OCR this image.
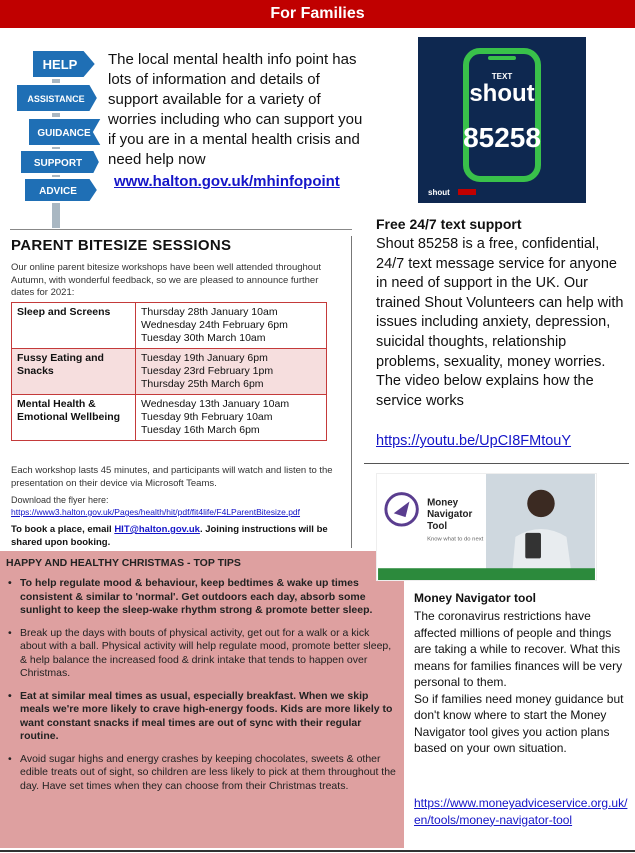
For Families
HELP
ASSISTANCE
GUIDANCE
SUPPORT
ADVICE
The local mental health info point has lots of information and details of support available for a variety of worries including who can support you if you are in a mental health crisis and need help now
www.halton.gov.uk/mhinfopoint
TEXT
shout
85258
shout
PARENT BITESIZE SESSIONS
Our online parent bitesize workshops have been well attended throughout Autumn, with wonderful feedback, so we are pleased to announce further dates for 2021:
Sleep and Screens	Thursday 28th January 10am
Wednesday 24th February 6pm
Tuesday 30th March 10am

Fussy Eating and Snacks	Tuesday 19th January 6pm
Tuesday 23rd February 1pm
Thursday 25th March 6pm

Mental Health & Emotional Wellbeing	Wednesday 13th January 10am
Tuesday 9th February 10am
Tuesday 16th March 6pm
Each workshop lasts 45 minutes, and participants will watch and listen to the presentation on their device via Microsoft Teams.
Download the flyer here:
https://www3.halton.gov.uk/Pages/health/hit/pdf/fit4life/F4LParentBitesize.pdf
To book a place, email HIT@halton.gov.uk. Joining instructions will be shared upon booking.
HAPPY AND HEALTHY CHRISTMAS - TOP TIPS
• To help regulate mood & behaviour, keep bedtimes & wake up times consistent & similar to 'normal'. Get outdoors each day, absorb some sunlight to keep the sleep-wake rhythm strong & promote better sleep.
• Break up the days with bouts of physical activity, get out for a walk or a kick about with a ball. Physical activity will help regulate mood, promote better sleep, & help balance the increased food & drink intake that tends to happen over Christmas.
• Eat at similar meal times as usual, especially breakfast. When we skip meals we're more likely to crave high-energy foods. Kids are more likely to want constant snacks if meal times are out of sync with their regular routine.
• Avoid sugar highs and energy crashes by keeping chocolates, sweets & other edible treats out of sight, so children are less likely to pick at them throughout the day. Have set times when they can choose from their Christmas treats.
Free 24/7 text support
Shout 85258 is a free, confidential, 24/7 text message service for anyone in need of support in the UK. Our trained Shout Volunteers can help with issues including anxiety, depression, suicidal thoughts, relationship problems, sexuality, money worries. The video below explains how the service works
https://youtu.be/UpCI8FMtouY
Money
Navigator
Tool
Know what to do next
Money Navigator tool
The coronavirus restrictions have affected millions of people and things are taking a while to recover. What this means for families finances will be very personal to them.
So if families need money guidance but don't know where to start the Money Navigator tool gives you action plans based on your own situation.
https://www.moneyadviceservice.org.uk/en/tools/money-navigator-tool
